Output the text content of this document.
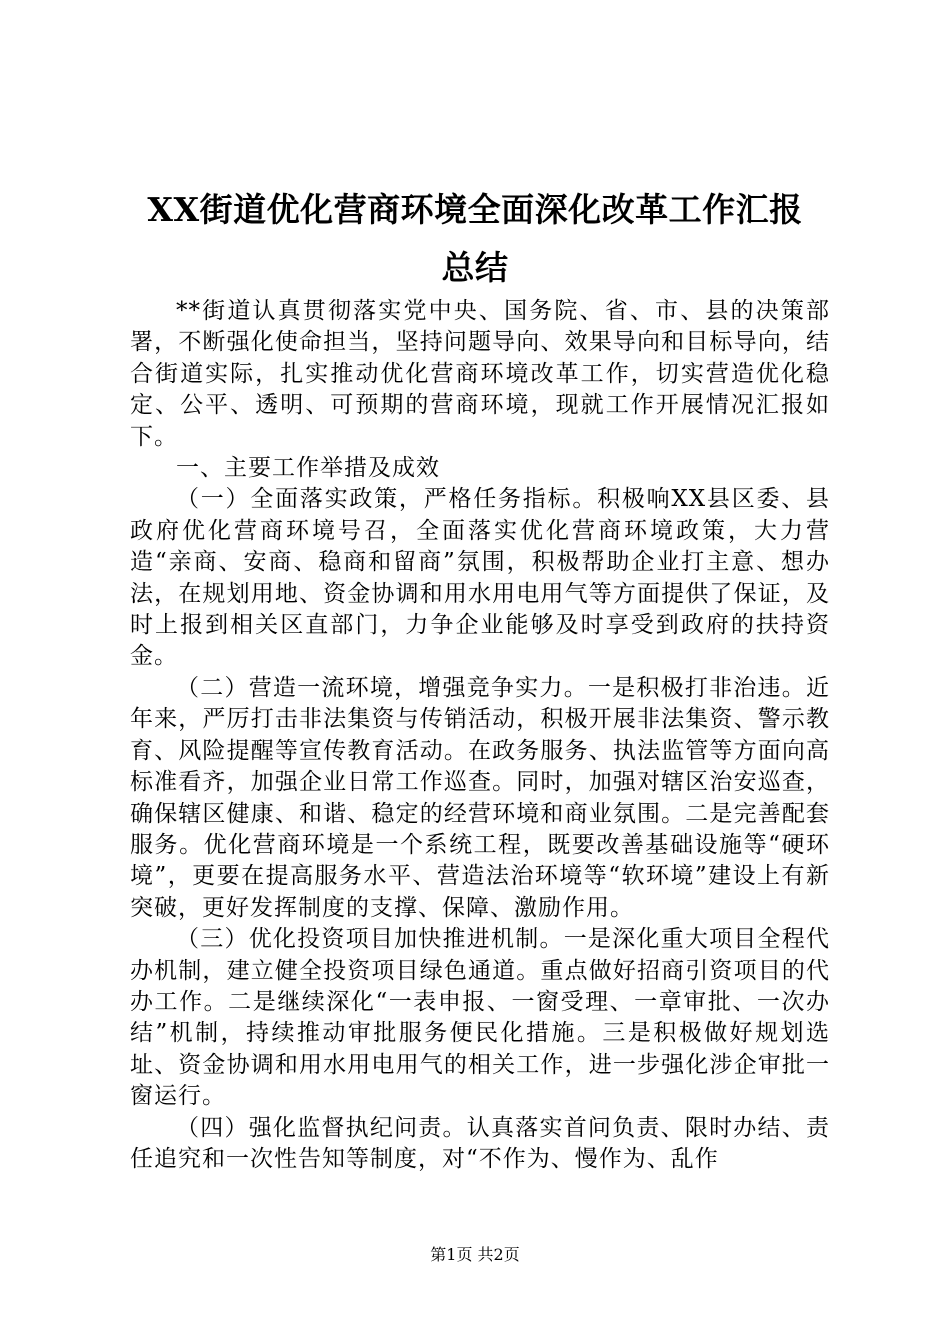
XX街道优化营商环境全面深化改革工作汇报
总结

**街道认真贯彻落实党中央、国务院、省、市、县的决策部署，不断强化使命担当，坚持问题导向、效果导向和目标导向，结合街道实际，扎实推动优化营商环境改革工作，切实营造优化稳定、公平、透明、可预期的营商环境，现就工作开展情况汇报如下。

一、主要工作举措及成效

（一）全面落实政策，严格任务指标。积极响XX县区委、县政府优化营商环境号召，全面落实优化营商环境政策，大力营造“亲商、安商、稳商和留商”氛围，积极帮助企业打主意、想办法，在规划用地、资金协调和用水用电用气等方面提供了保证，及时上报到相关区直部门，力争企业能够及时享受到政府的扶持资金。

（二）营造一流环境，增强竞争实力。一是积极打非治违。近年来，严厉打击非法集资与传销活动，积极开展非法集资、警示教育、风险提醒等宣传教育活动。在政务服务、执法监管等方面向高标准看齐，加强企业日常工作巡查。同时，加强对辖区治安巡查，确保辖区健康、和谐、稳定的经营环境和商业氛围。二是完善配套服务。优化营商环境是一个系统工程，既要改善基础设施等“硬环境”，更要在提高服务水平、营造法治环境等“软环境”建设上有新突破，更好发挥制度的支撑、保障、激励作用。

（三）优化投资项目加快推进机制。一是深化重大项目全程代办机制，建立健全投资项目绿色通道。重点做好招商引资项目的代办工作。二是继续深化“一表申报、一窗受理、一章审批、一次办结”机制，持续推动审批服务便民化措施。三是积极做好规划选址、资金协调和用水用电用气的相关工作，进一步强化涉企审批一窗运行。

（四）强化监督执纪问责。认真落实首问负责、限时办结、责任追究和一次性告知等制度，对“不作为、慢作为、乱作

第1页 共2页
